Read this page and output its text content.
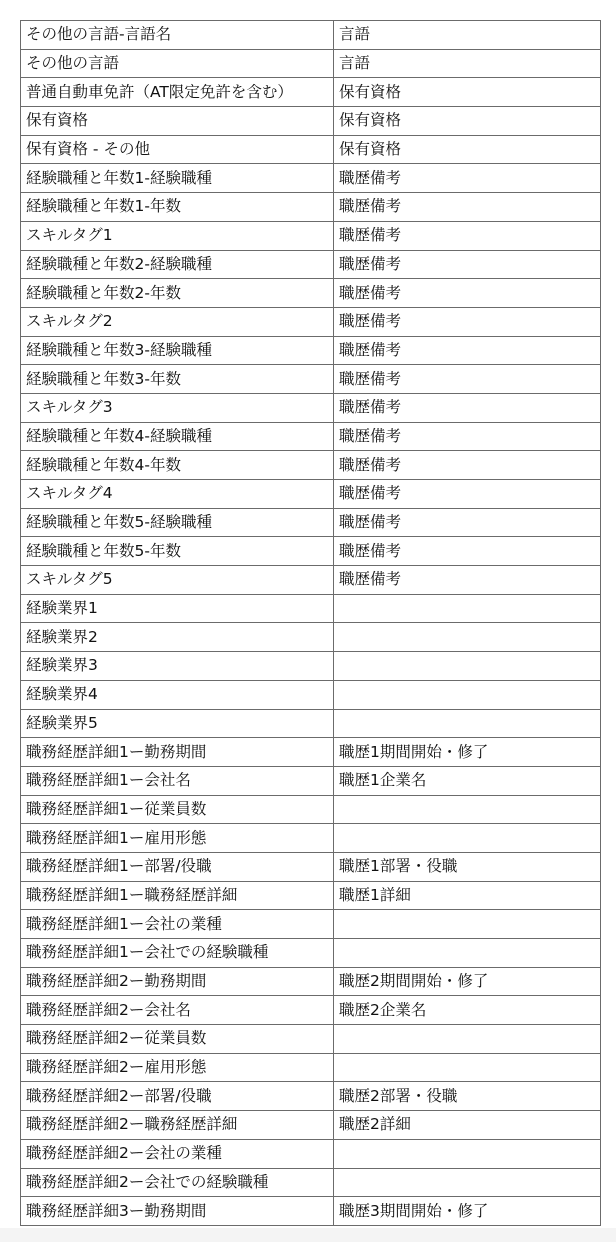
その他の言語-言語名	言語
その他の言語	言語
普通自動車免許（AT限定免許を含む）	保有資格
保有資格	保有資格
保有資格 - その他	保有資格
経験職種と年数1-経験職種	職歴備考
経験職種と年数1-年数	職歴備考
スキルタグ1	職歴備考
経験職種と年数2-経験職種	職歴備考
経験職種と年数2-年数	職歴備考
スキルタグ2	職歴備考
経験職種と年数3-経験職種	職歴備考
経験職種と年数3-年数	職歴備考
スキルタグ3	職歴備考
経験職種と年数4-経験職種	職歴備考
経験職種と年数4-年数	職歴備考
スキルタグ4	職歴備考
経験職種と年数5-経験職種	職歴備考
経験職種と年数5-年数	職歴備考
スキルタグ5	職歴備考
経験業界1	
経験業界2	
経験業界3	
経験業界4	
経験業界5	
職務経歴詳細1ー勤務期間	職歴1期間開始・修了
職務経歴詳細1ー会社名	職歴1企業名
職務経歴詳細1ー従業員数	
職務経歴詳細1ー雇用形態	
職務経歴詳細1ー部署/役職	職歴1部署・役職
職務経歴詳細1ー職務経歴詳細	職歴1詳細
職務経歴詳細1ー会社の業種	
職務経歴詳細1ー会社での経験職種	
職務経歴詳細2ー勤務期間	職歴2期間開始・修了
職務経歴詳細2ー会社名	職歴2企業名
職務経歴詳細2ー従業員数	
職務経歴詳細2ー雇用形態	
職務経歴詳細2ー部署/役職	職歴2部署・役職
職務経歴詳細2ー職務経歴詳細	職歴2詳細
職務経歴詳細2ー会社の業種	
職務経歴詳細2ー会社での経験職種	
職務経歴詳細3ー勤務期間	職歴3期間開始・修了
